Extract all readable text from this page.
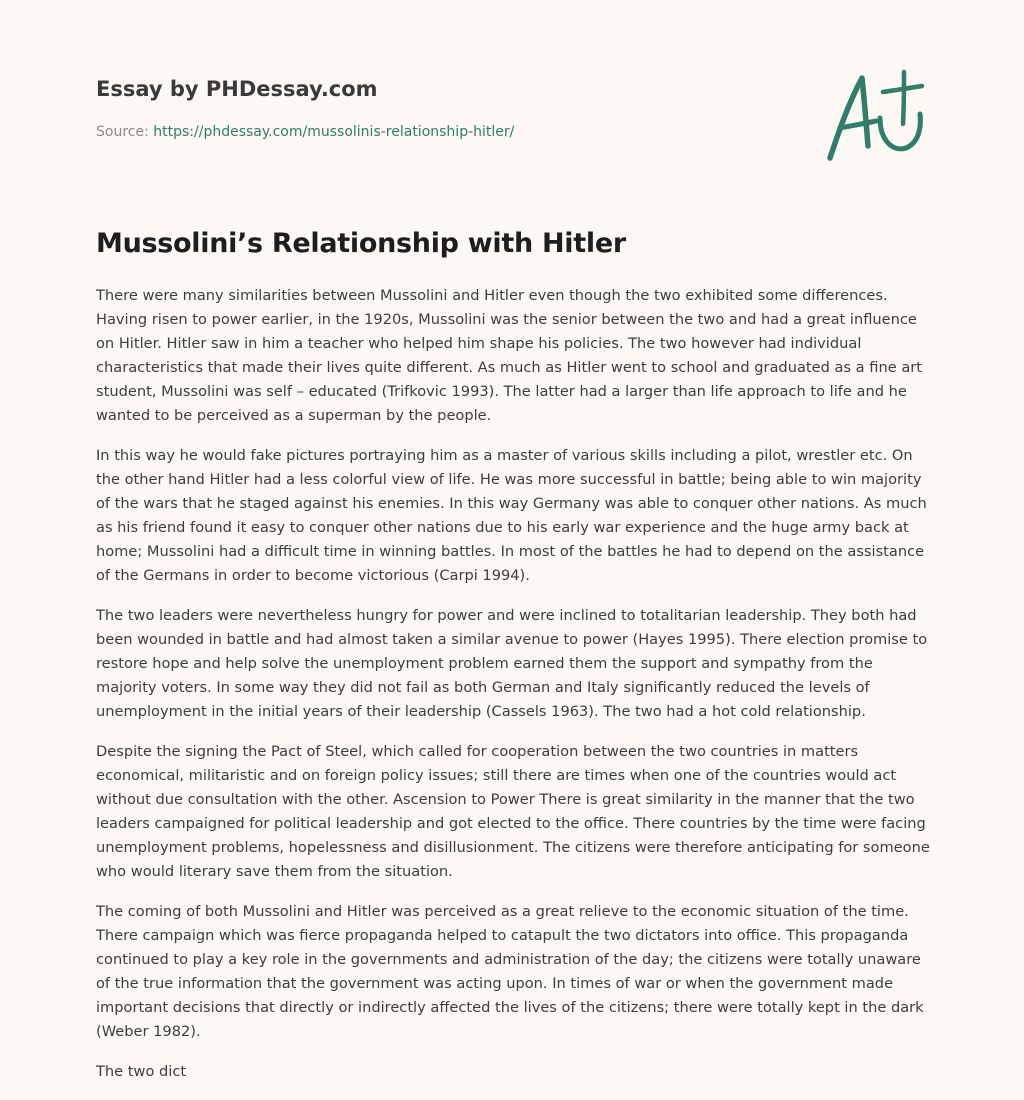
Essay by PHDessay.com
Source: https://phdessay.com/mussolinis-relationship-hitler/
Mussolini’s Relationship with Hitler

There were many similarities between Mussolini and Hitler even though the two exhibited some differences. Having risen to power earlier, in the 1920s, Mussolini was the senior between the two and had a great influence on Hitler. Hitler saw in him a teacher who helped him shape his policies. The two however had individual characteristics that made their lives quite different. As much as Hitler went to school and graduated as a fine art student, Mussolini was self – educated (Trifkovic 1993). The latter had a larger than life approach to life and he wanted to be perceived as a superman by the people.

In this way he would fake pictures portraying him as a master of various skills including a pilot, wrestler etc. On the other hand Hitler had a less colorful view of life. He was more successful in battle; being able to win majority of the wars that he staged against his enemies. In this way Germany was able to conquer other nations. As much as his friend found it easy to conquer other nations due to his early war experience and the huge army back at home; Mussolini had a difficult time in winning battles. In most of the battles he had to depend on the assistance of the Germans in order to become victorious (Carpi 1994).

The two leaders were nevertheless hungry for power and were inclined to totalitarian leadership. They both had been wounded in battle and had almost taken a similar avenue to power (Hayes 1995). There election promise to restore hope and help solve the unemployment problem earned them the support and sympathy from the majority voters. In some way they did not fail as both German and Italy significantly reduced the levels of unemployment in the initial years of their leadership (Cassels 1963). The two had a hot cold relationship.

Despite the signing the Pact of Steel, which called for cooperation between the two countries in matters economical, militaristic and on foreign policy issues; still there are times when one of the countries would act without due consultation with the other. Ascension to Power There is great similarity in the manner that the two leaders campaigned for political leadership and got elected to the office. There countries by the time were facing unemployment problems, hopelessness and disillusionment. The citizens were therefore anticipating for someone who would literary save them from the situation.

The coming of both Mussolini and Hitler was perceived as a great relieve to the economic situation of the time. There campaign which was fierce propaganda helped to catapult the two dictators into office. This propaganda continued to play a key role in the governments and administration of the day; the citizens were totally unaware of the true information that the government was acting upon. In times of war or when the government made important decisions that directly or indirectly affected the lives of the citizens; there were totally kept in the dark (Weber 1982).

The two dict
